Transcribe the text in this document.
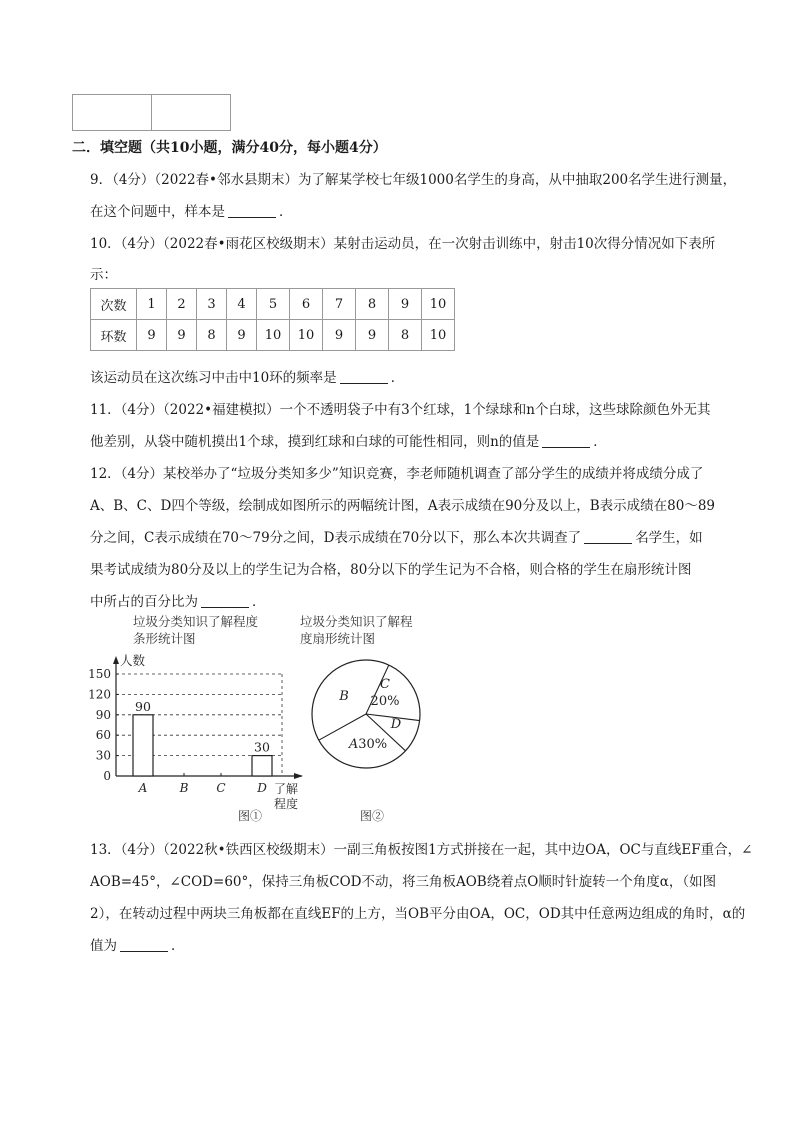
二．填空题（共10小题，满分40分，每小题4分）
9．（4分）（2022春•邻水县期末）为了解某学校七年级1000名学生的身高，从中抽取200名学生进行测量，
在这个问题中，样本是	．
10．（4分）（2022春•雨花区校级期末）某射击运动员，在一次射击训练中，射击10次得分情况如下表所
示：
次数	1	2	3	4	5	6	7	8	9	10
环数	9	9	8	9	10	10	9	9	8	10
该运动员在这次练习中击中10环的频率是	．
11．（4分）（2022•福建模拟）一个不透明袋子中有3个红球，1个绿球和n个白球，这些球除颜色外无其
他差别，从袋中随机摸出1个球，摸到红球和白球的可能性相同，则n的值是	．
12．（4分）某校举办了“垃圾分类知多少”知识竞赛，李老师随机调查了部分学生的成绩并将成绩分成了
A、B、C、D四个等级，绘制成如图所示的两幅统计图，A表示成绩在90分及以上，B表示成绩在80～89
分之间，C表示成绩在70～79分之间，D表示成绩在70分以下，那么本次共调查了	名学生，如
果考试成绩为80分及以上的学生记为合格，80分以下的学生记为不合格，则合格的学生在扇形统计图
中所占的百分比为	．
垃圾分类知识了解程度条形统计图
垃圾分类知识了解程度扇形统计图
0
30
60
90
120
150
人数
了解
程度
A
90
B C	D
30
图①
C
20%
D
A30%
B
图②
13．（4分）（2022秋•铁西区校级期末）一副三角板按图1方式拼接在一起，其中边OA，OC与直线EF重合，∠
AOB=45°，∠COD=60°，保持三角板COD不动，将三角板AOB绕着点O顺时针旋转一个角度α，（如图
2），在转动过程中两块三角板都在直线EF的上方，当OB平分由OA，OC，OD其中任意两边组成的角时，α的
值为	．
